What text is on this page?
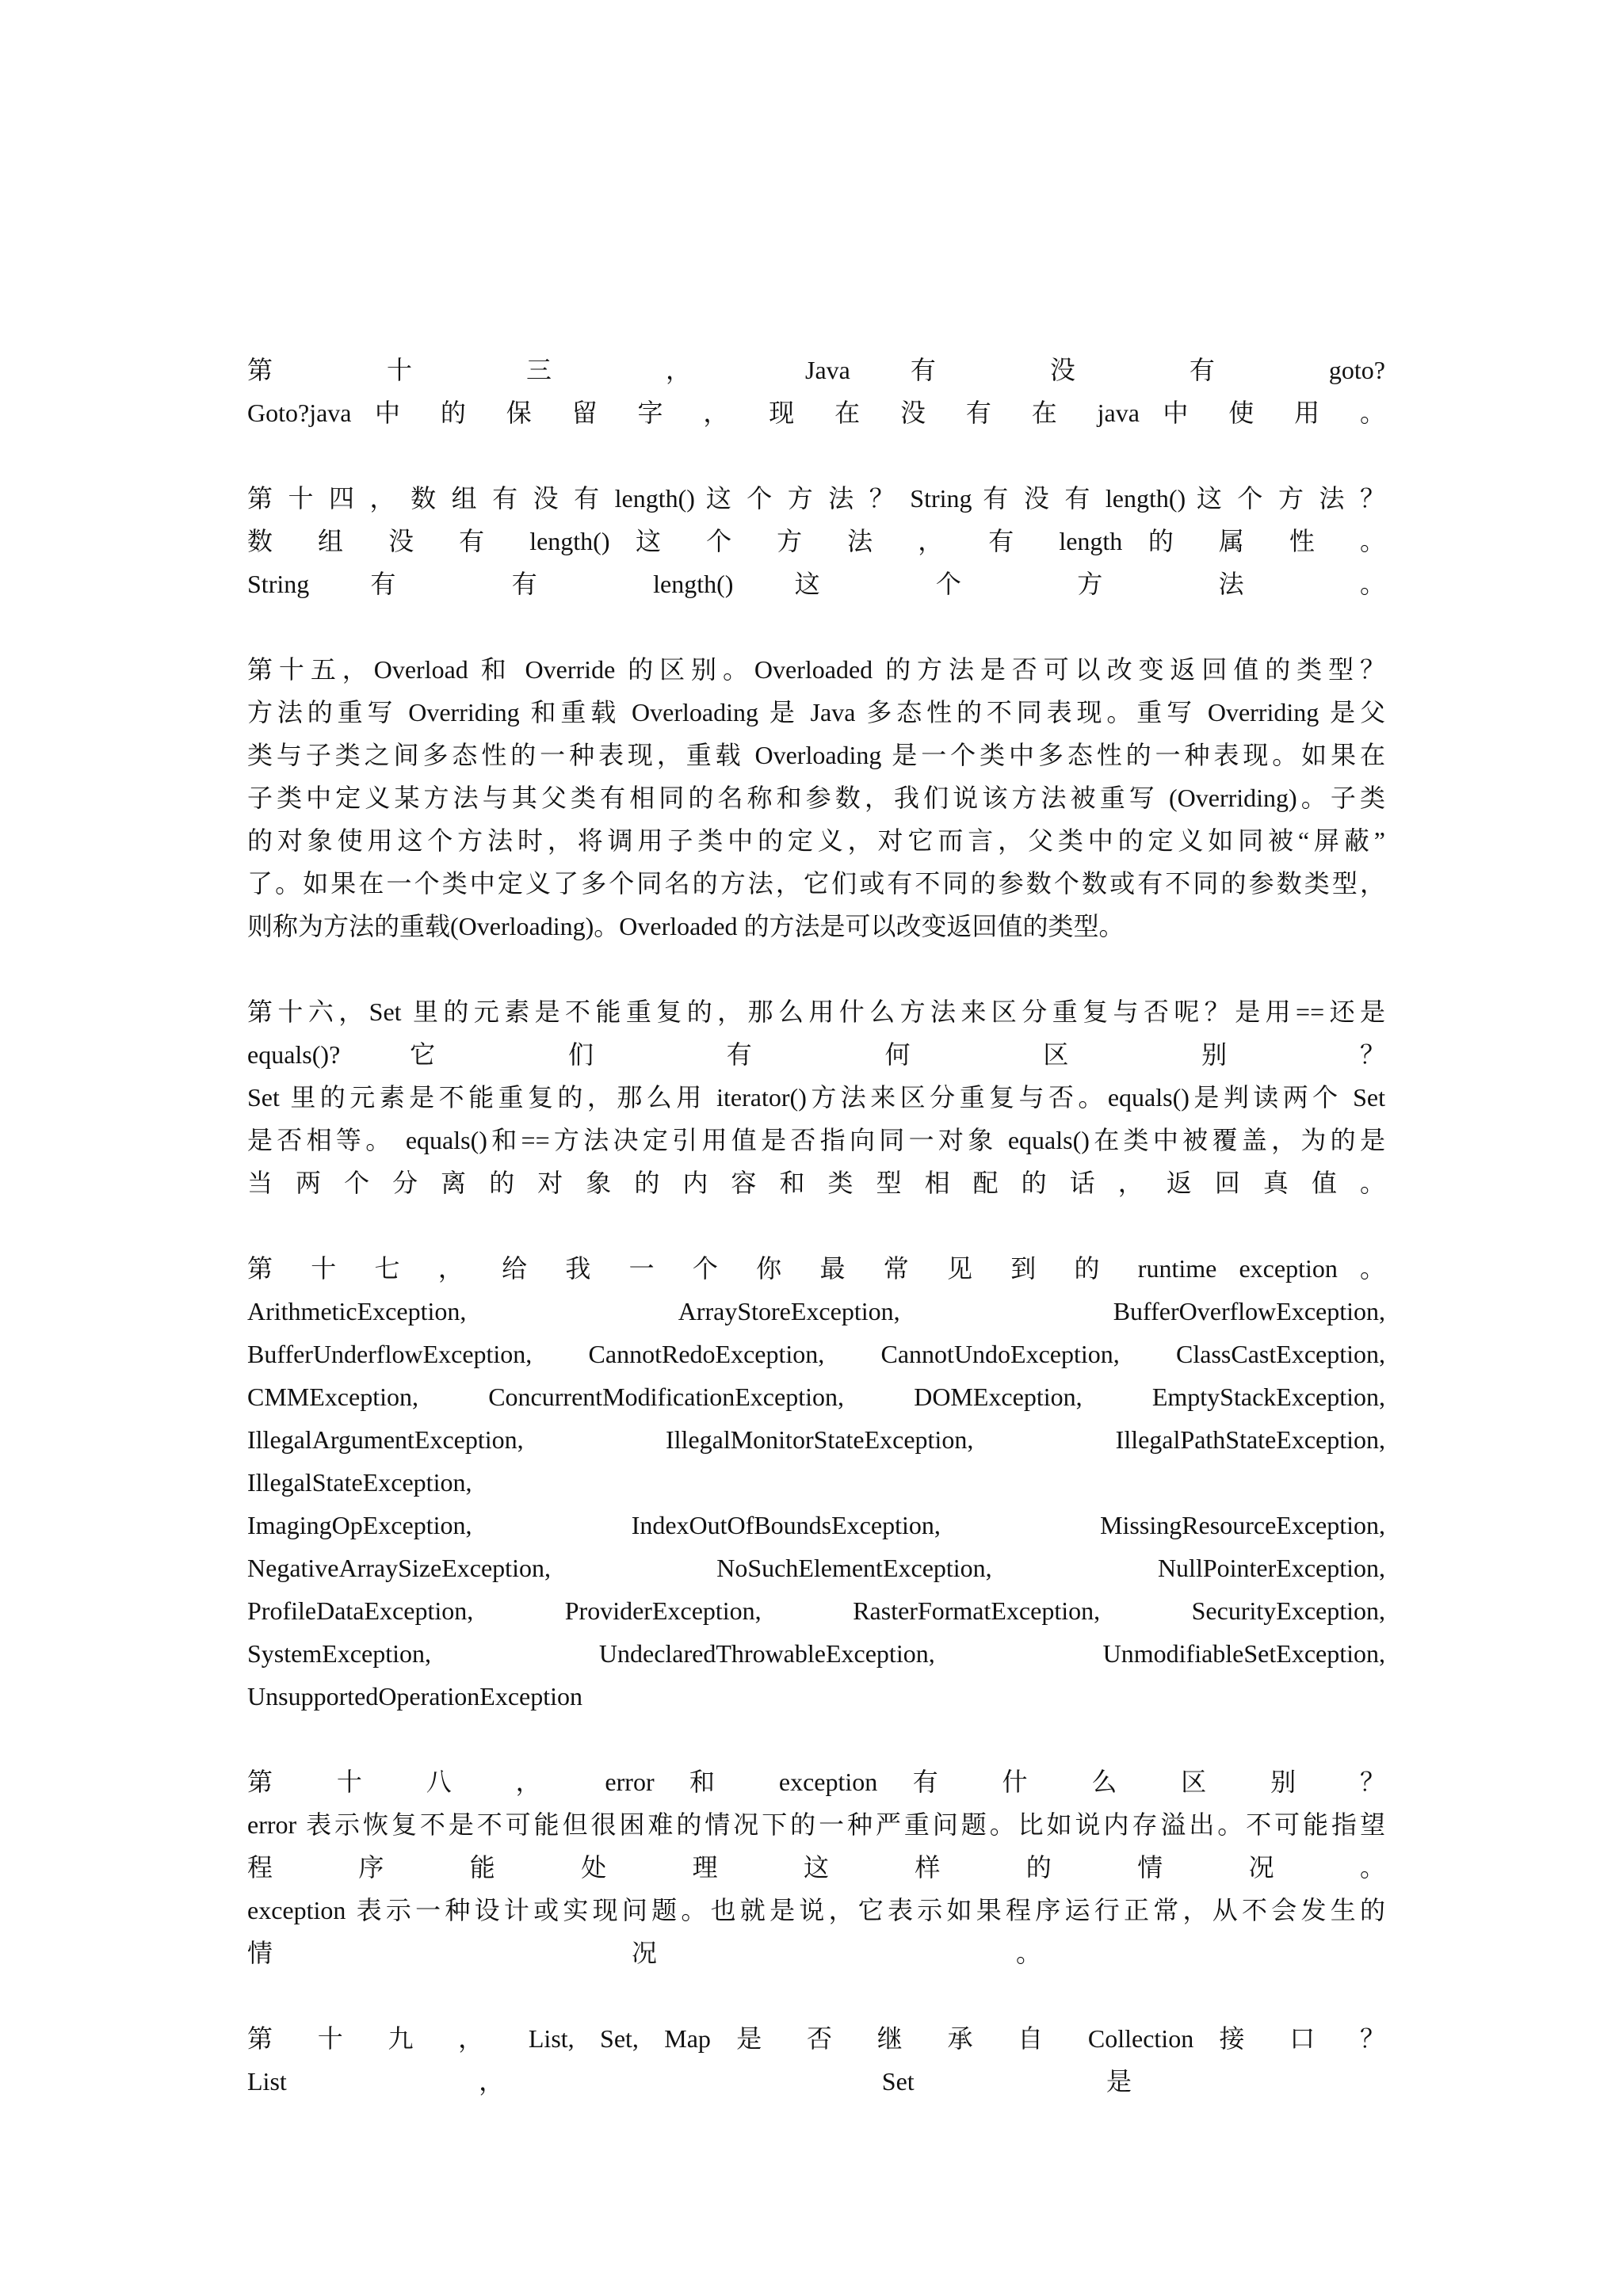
第 十 三 ， Java 有 没 有 goto?
Goto?java 中 的 保 留 字 ， 现 在 没 有 在 java 中 使 用 。
第 十 四 ， 数 组 有 没 有 length() 这 个 方 法 ？ String 有 没 有 length() 这 个 方 法 ？
数 组 没 有 length() 这 个 方 法 ， 有 length 的 属 性 。
String 有 有 length() 这 个 方 法 。
第十五，Overload 和 Override 的区别。Overloaded 的方法是否可以改变返回值的类型？
方法的重写 Overriding 和重载 Overloading 是 Java 多态性的不同表现。重写 Overriding 是父
类与子类之间多态性的一种表现，重载 Overloading 是一个类中多态性的一种表现。如果在
子类中定义某方法与其父类有相同的名称和参数，我们说该方法被重写 (Overriding)。子类
的对象使用这个方法时，将调用子类中的定义，对它而言，父类中的定义如同被“屏蔽”
了。如果在一个类中定义了多个同名的方法，它们或有不同的参数个数或有不同的参数类型，
则称为方法的重载(Overloading)。Overloaded 的方法是可以改变返回值的类型。
第十六，Set 里的元素是不能重复的，那么用什么方法来区分重复与否呢？是用==还是
equals()? 它 们 有 何 区 别 ？
Set 里的元素是不能重复的，那么用 iterator()方法来区分重复与否。equals()是判读两个 Set
是否相等。 equals()和==方法决定引用值是否指向同一对象 equals()在类中被覆盖，为的是
当 两 个 分 离 的 对 象 的 内 容 和 类 型 相 配 的 话 ， 返 回 真 值 。
第 十 七 ， 给 我 一 个 你 最 常 见 到 的 runtime exception 。
ArithmeticException, ArrayStoreException, BufferOverflowException,
BufferUnderflowException, CannotRedoException, CannotUndoException, ClassCastException,
CMMException, ConcurrentModificationException, DOMException, EmptyStackException,
IllegalArgumentException, IllegalMonitorStateException, IllegalPathStateException,
IllegalStateException,
ImagingOpException, IndexOutOfBoundsException, MissingResourceException,
NegativeArraySizeException, NoSuchElementException, NullPointerException,
ProfileDataException, ProviderException, RasterFormatException, SecurityException,
SystemException, UndeclaredThrowableException, UnmodifiableSetException,
UnsupportedOperationException
第 十 八 ， error 和 exception 有 什 么 区 别 ？
error 表示恢复不是不可能但很困难的情况下的一种严重问题。比如说内存溢出。不可能指望
程 序 能 处 理 这 样 的 情 况 。
exception 表示一种设计或实现问题。也就是说，它表示如果程序运行正常，从不会发生的
情 况 。
第 十 九 ， List, Set, Map 是 否 继 承 自 Collection 接 口 ？
List ， Set 是
